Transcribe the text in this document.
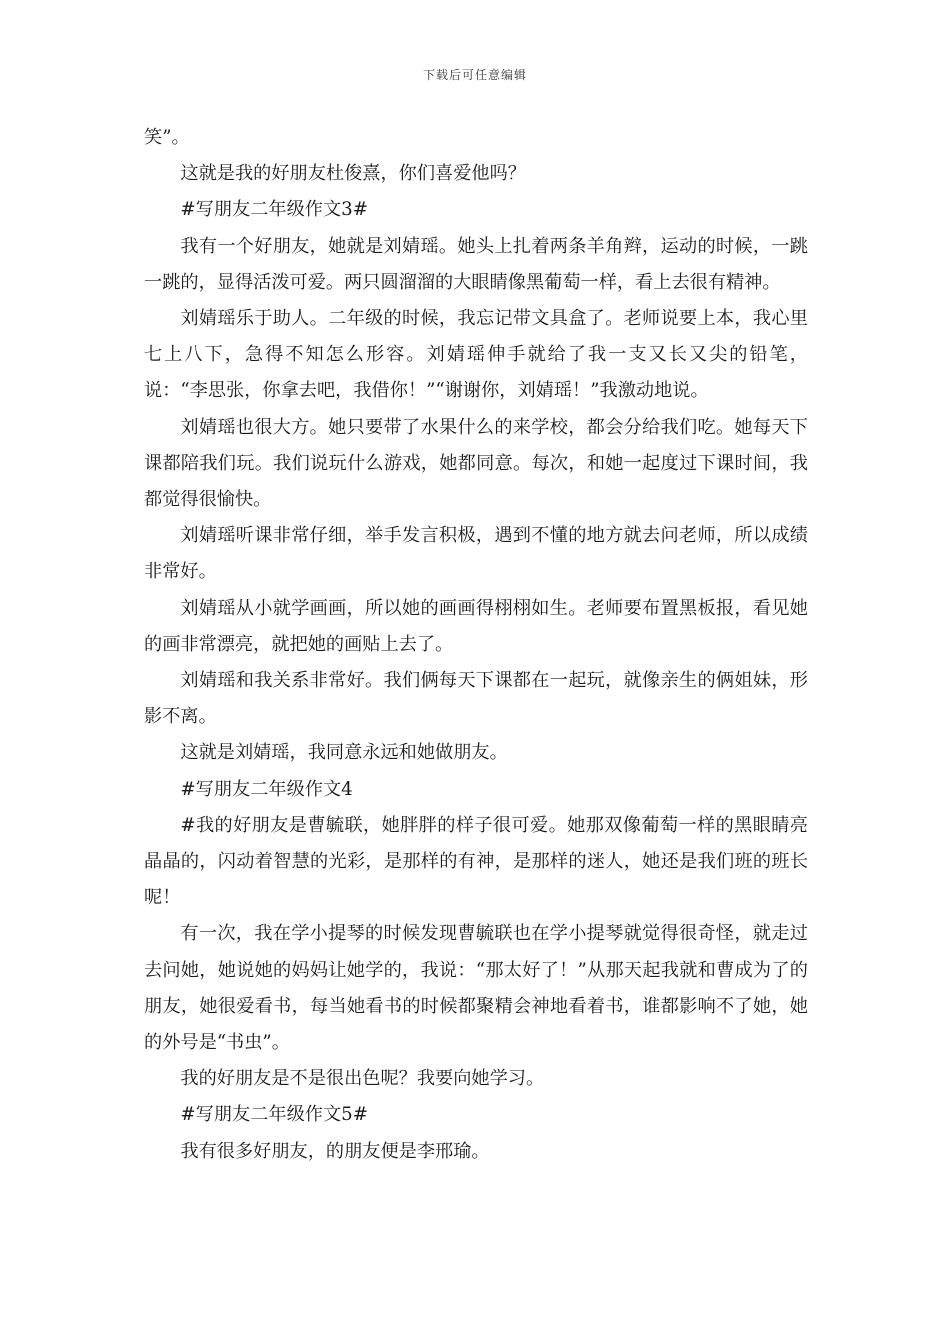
下载后可任意编辑

笑”。

这就是我的好朋友杜俊熹，你们喜爱他吗？

#写朋友二年级作文3#

我有一个好朋友，她就是刘婧瑶。她头上扎着两条羊角辫，运动的时候，一跳一跳的，显得活泼可爱。两只圆溜溜的大眼睛像黑葡萄一样，看上去很有精神。

刘婧瑶乐于助人。二年级的时候，我忘记带文具盒了。老师说要上本，我心里七上八下，急得不知怎么形容。刘婧瑶伸手就给了我一支又长又尖的铅笔，说：“李思张，你拿去吧，我借你！”“谢谢你，刘婧瑶！”我激动地说。

刘婧瑶也很大方。她只要带了水果什么的来学校，都会分给我们吃。她每天下课都陪我们玩。我们说玩什么游戏，她都同意。每次，和她一起度过下课时间，我都觉得很愉快。

刘婧瑶听课非常仔细，举手发言积极，遇到不懂的地方就去问老师，所以成绩非常好。

刘婧瑶从小就学画画，所以她的画画得栩栩如生。老师要布置黑板报，看见她的画非常漂亮，就把她的画贴上去了。

刘婧瑶和我关系非常好。我们俩每天下课都在一起玩，就像亲生的俩姐妹，形影不离。

这就是刘婧瑶，我同意永远和她做朋友。

#写朋友二年级作文4

#我的好朋友是曹毓联，她胖胖的样子很可爱。她那双像葡萄一样的黑眼睛亮晶晶的，闪动着智慧的光彩，是那样的有神，是那样的迷人，她还是我们班的班长呢！

有一次，我在学小提琴的时候发现曹毓联也在学小提琴就觉得很奇怪，就走过去问她，她说她的妈妈让她学的，我说：“那太好了！”从那天起我就和曹成为了的朋友，她很爱看书，每当她看书的时候都聚精会神地看着书，谁都影响不了她，她的外号是“书虫”。

我的好朋友是不是很出色呢？我要向她学习。

#写朋友二年级作文5#

我有很多好朋友，的朋友便是李邢瑜。
